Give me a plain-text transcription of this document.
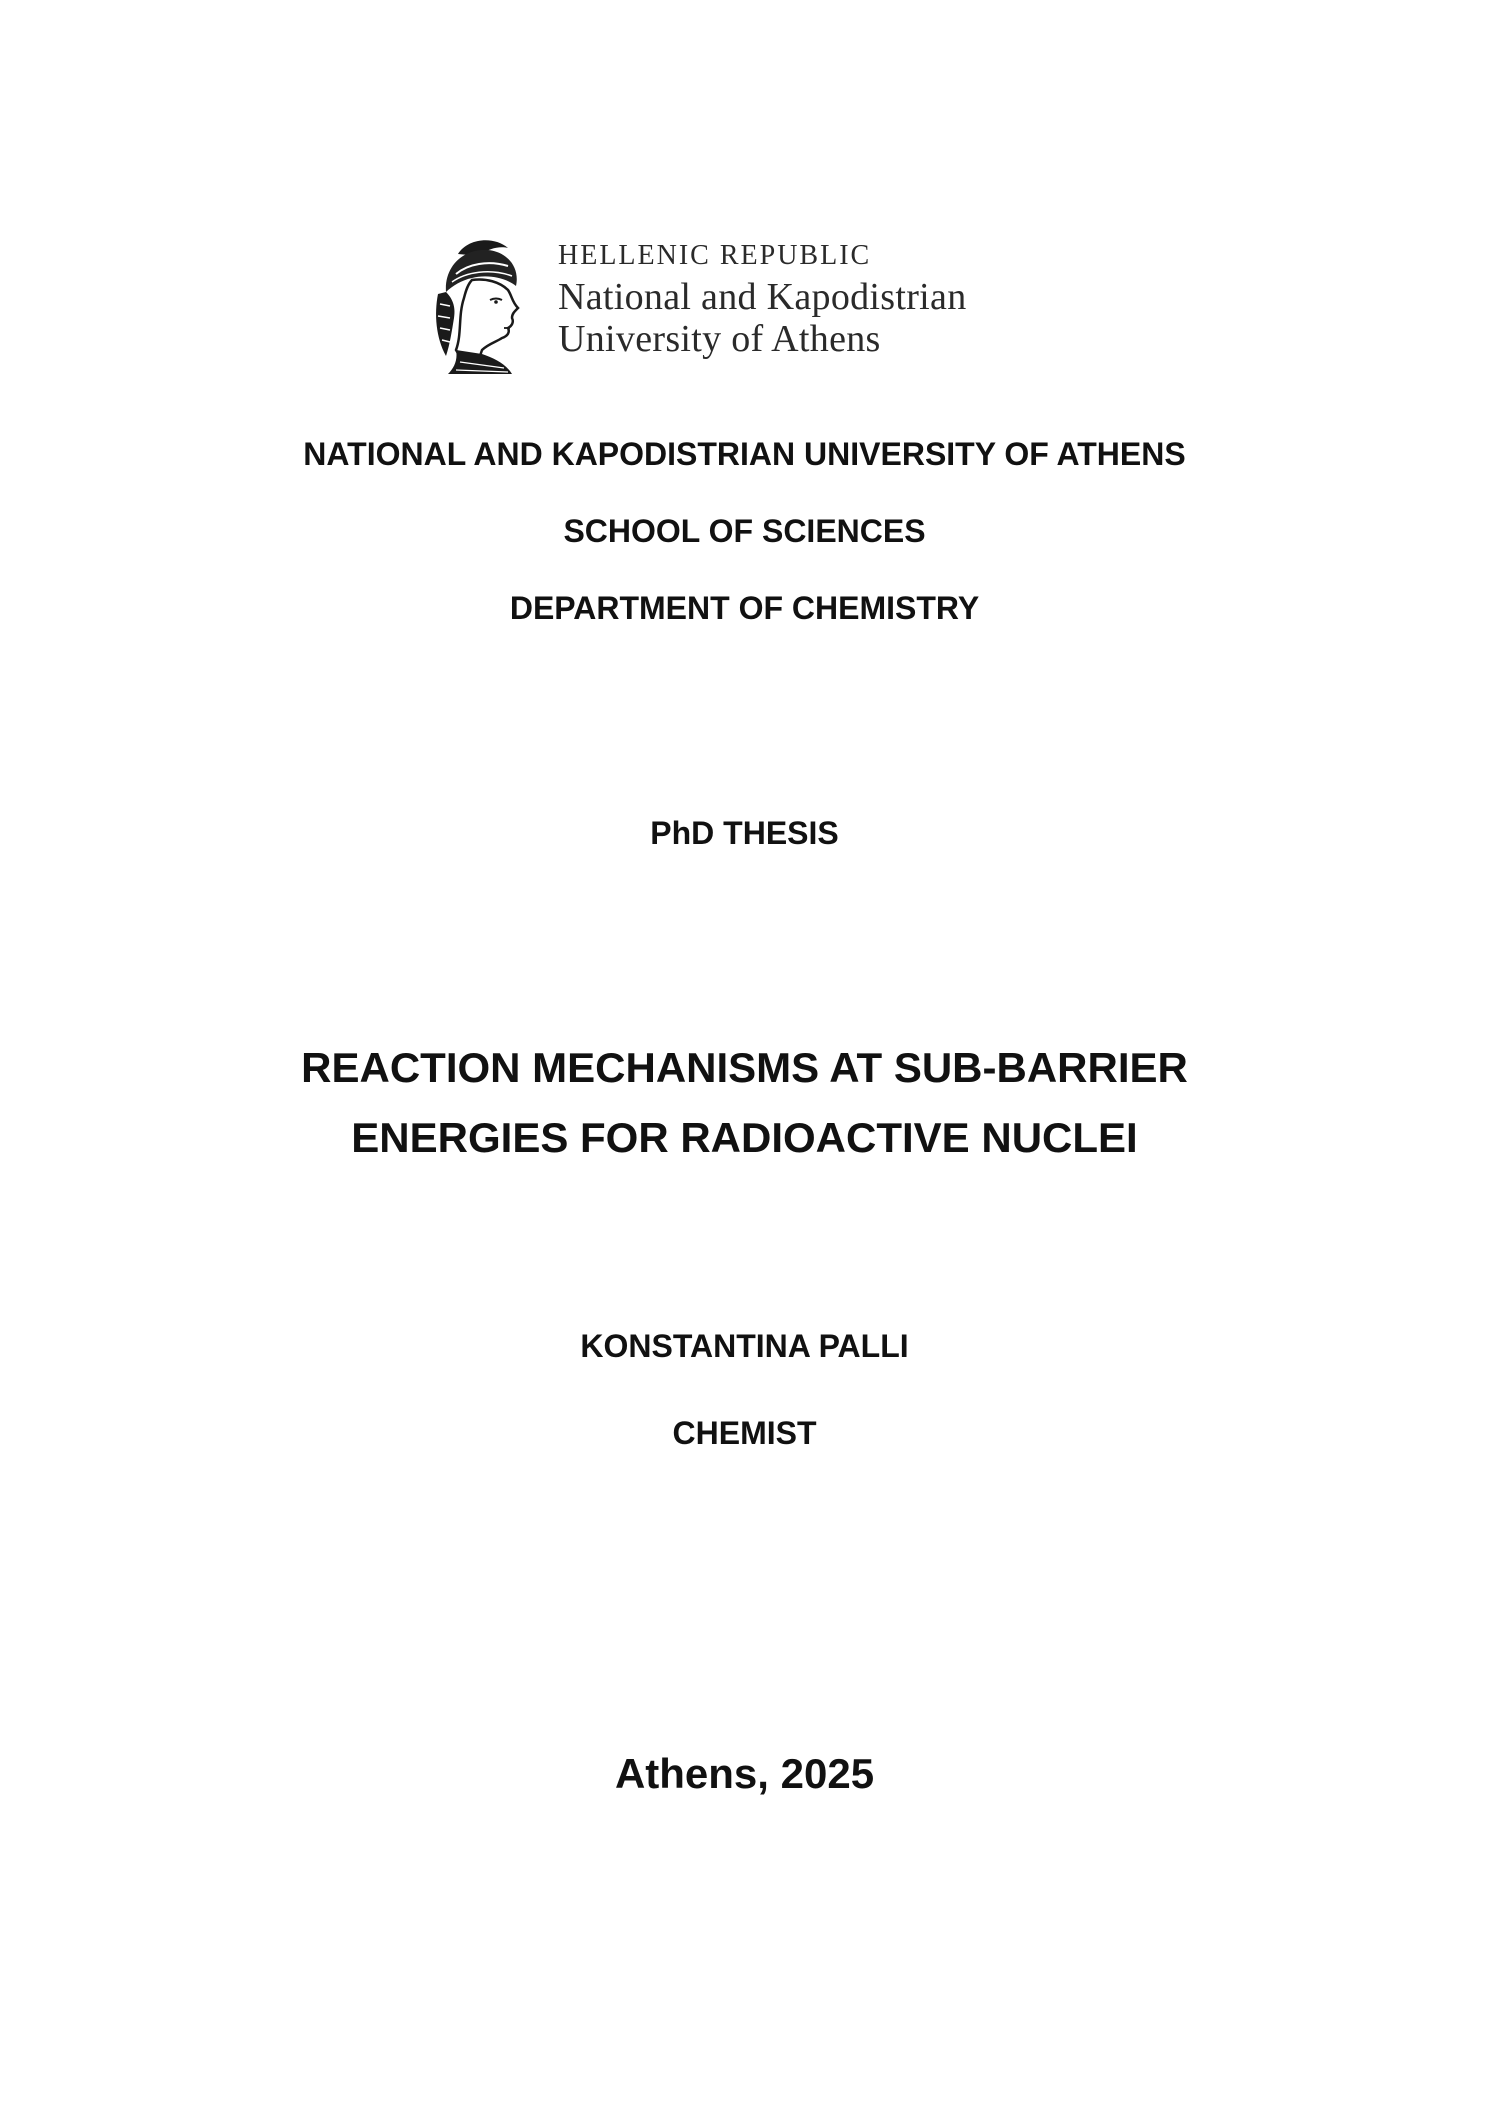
HELLENIC REPUBLIC
National and Kapodistrian
University of Athens
NATIONAL AND KAPODISTRIAN UNIVERSITY OF ATHENS
SCHOOL OF SCIENCES
DEPARTMENT OF CHEMISTRY
PhD THESIS
REACTION MECHANISMS AT SUB-BARRIER
ENERGIES FOR RADIOACTIVE NUCLEI
KONSTANTINA PALLI
CHEMIST
Athens, 2025
